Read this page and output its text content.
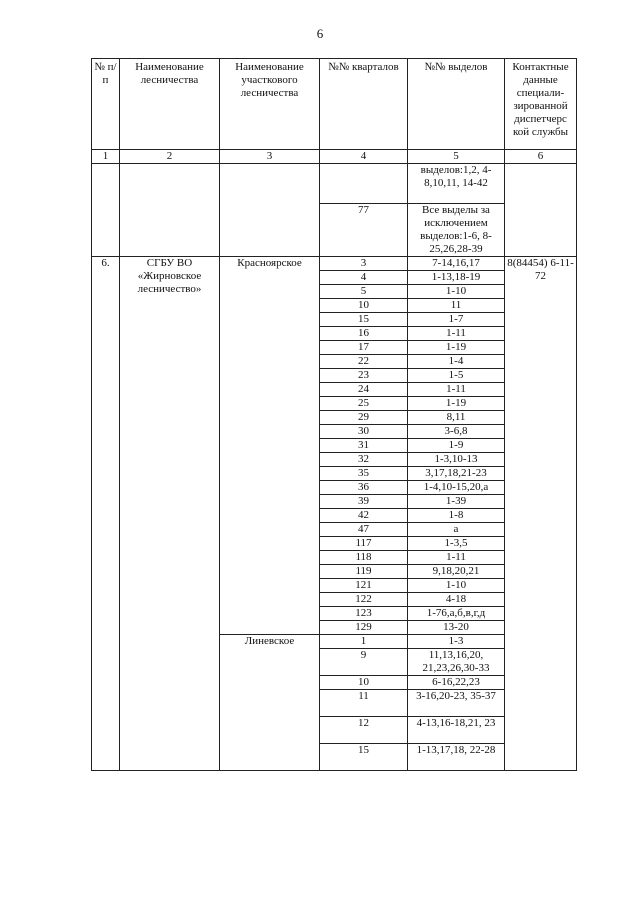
6
№ п/п	Наименование лесничества	Наименование участкового лесничества	№№ кварталов	№№ выделов	Контактные данные специали-зированной диспетчерс кой службы
1	2	3	4	5	6
				выделов:1,2, 4-8,10,11, 14-42	
			77	Все выделы за исключением выделов:1-6, 8-25,26,28-39	
6.	СГБУ ВО «Жирновское лесничество»	Красноярское	3	7-14,16,17	8(84454) 6-11-72
			4	1-13,18-19	
			5	1-10	
			10	11	
			15	1-7	
			16	1-11	
			17	1-19	
			22	1-4	
			23	1-5	
			24	1-11	
			25	1-19	
			29	8,11	
			30	3-6,8	
			31	1-9	
			32	1-3,10-13	
			35	3,17,18,21-23	
			36	1-4,10-15,20,а	
			39	1-39	
			42	1-8	
			47	а	
			117	1-3,5	
			118	1-11	
			119	9,18,20,21	
			121	1-10	
			122	4-18	
			123	1-76,а,б,в,г,д	
			129	13-20	
		Линевское	1	1-3	
			9	11,13,16,20, 21,23,26,30-33	
			10	6-16,22,23	
			11	3-16,20-23, 35-37	
			12	4-13,16-18,21, 23	
			15	1-13,17,18, 22-28	
